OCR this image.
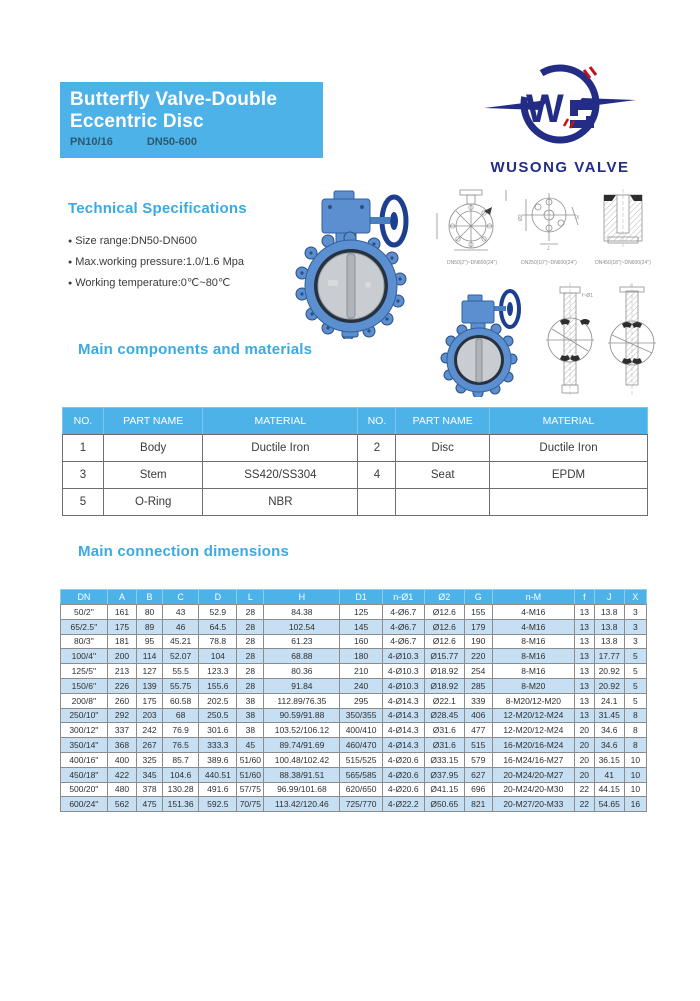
Butterfly Valve-Double
Eccentric Disc
PN10/16	DN50-600
W
WUSONG VALVE
Technical Specifications
● Size range:DN50-DN600
● Max.working pressure:1.0/1.6 Mpa
● Working temperature:0℃~80℃
DN50(2'')~DN600(24'')
Ø2
J
X
DN250(10'')~DN600(24'')	DN450(18'')~DN600(24'')
f~Ø1
C
Main components and materials
NO.	PART NAME	MATERIAL	NO.	PART NAME	MATERIAL
1	Body	Ductile Iron	2	Disc	Ductile Iron
3	Stem	SS420/SS304	4	Seat	EPDM
5	O-Ring	NBR			
Main connection dimensions
DN	A	B	C	D	L	H	D1	n-Ø1	Ø2	G	n-M	f	J	X
50/2''	161	80	43	52.9	28	84.38	125	4-Ø6.7	Ø12.6	155	4-M16	13	13.8	3
65/2.5''	175	89	46	64.5	28	102.54	145	4-Ø6.7	Ø12.6	179	4-M16	13	13.8	3
80/3''	181	95	45.21	78.8	28	61.23	160	4-Ø6.7	Ø12.6	190	8-M16	13	13.8	3
100/4''	200	114	52.07	104	28	68.88	180	4-Ø10.3	Ø15.77	220	8-M16	13	17.77	5
125/5''	213	127	55.5	123.3	28	80.36	210	4-Ø10.3	Ø18.92	254	8-M16	13	20.92	5
150/6''	226	139	55.75	155.6	28	91.84	240	4-Ø10.3	Ø18.92	285	8-M20	13	20.92	5
200/8''	260	175	60.58	202.5	38	112.89/76.35	295	4-Ø14.3	Ø22.1	339	8-M20/12-M20	13	24.1	5
250/10''	292	203	68	250.5	38	90.59/91.88	350/355	4-Ø14.3	Ø28.45	406	12-M20/12-M24	13	31.45	8
300/12''	337	242	76.9	301.6	38	103.52/106.12	400/410	4-Ø14.3	Ø31.6	477	12-M20/12-M24	20	34.6	8
350/14''	368	267	76.5	333.3	45	89.74/91.69	460/470	4-Ø14.3	Ø31.6	515	16-M20/16-M24	20	34.6	8
400/16''	400	325	85.7	389.6	51/60	100.48/102.42	515/525	4-Ø20.6	Ø33.15	579	16-M24/16-M27	20	36.15	10
450/18''	422	345	104.6	440.51	51/60	88.38/91.51	565/585	4-Ø20.6	Ø37.95	627	20-M24/20-M27	20	41	10
500/20''	480	378	130.28	491.6	57/75	96.99/101.68	620/650	4-Ø20.6	Ø41.15	696	20-M24/20-M30	22	44.15	10
600/24''	562	475	151.36	592.5	70/75	113.42/120.46	725/770	4-Ø22.2	Ø50.65	821	20-M27/20-M33	22	54.65	16
